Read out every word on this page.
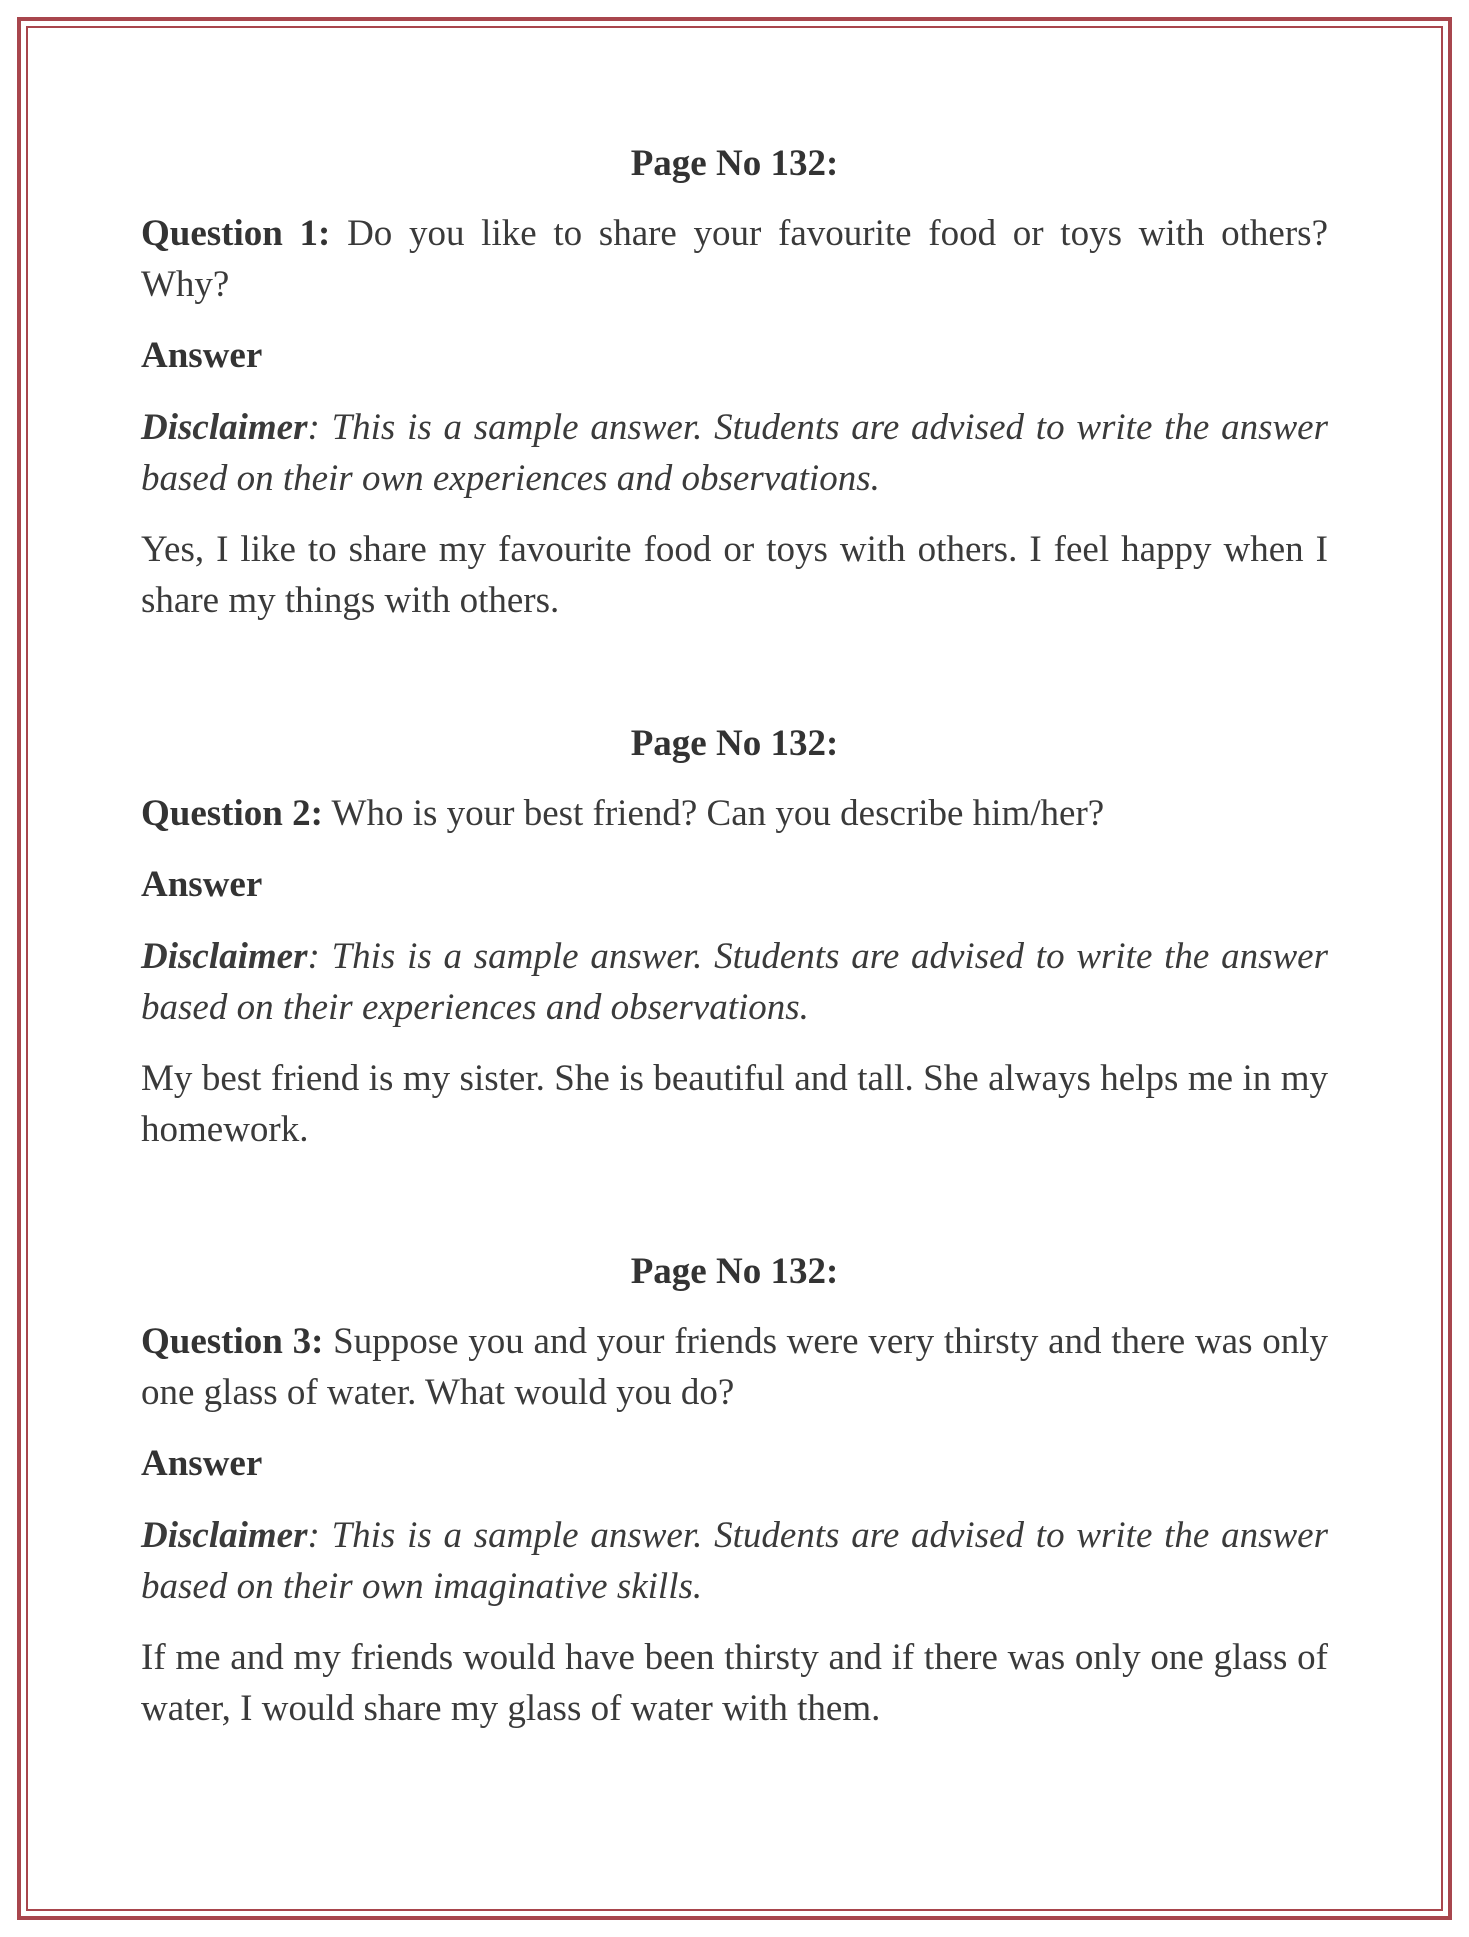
Page No 132:

Question 1: Do you like to share your favourite food or toys with others? Why?

Answer

Disclaimer: This is a sample answer. Students are advised to write the answer based on their own experiences and observations.

Yes, I like to share my favourite food or toys with others. I feel happy when I share my things with others.

Page No 132:

Question 2: Who is your best friend? Can you describe him/her?

Answer

Disclaimer: This is a sample answer. Students are advised to write the answer based on their experiences and observations.

My best friend is my sister. She is beautiful and tall. She always helps me in my homework.

Page No 132:

Question 3: Suppose you and your friends were very thirsty and there was only one glass of water. What would you do?

Answer

Disclaimer: This is a sample answer. Students are advised to write the answer based on their own imaginative skills.

If me and my friends would have been thirsty and if there was only one glass of water, I would share my glass of water with them.
